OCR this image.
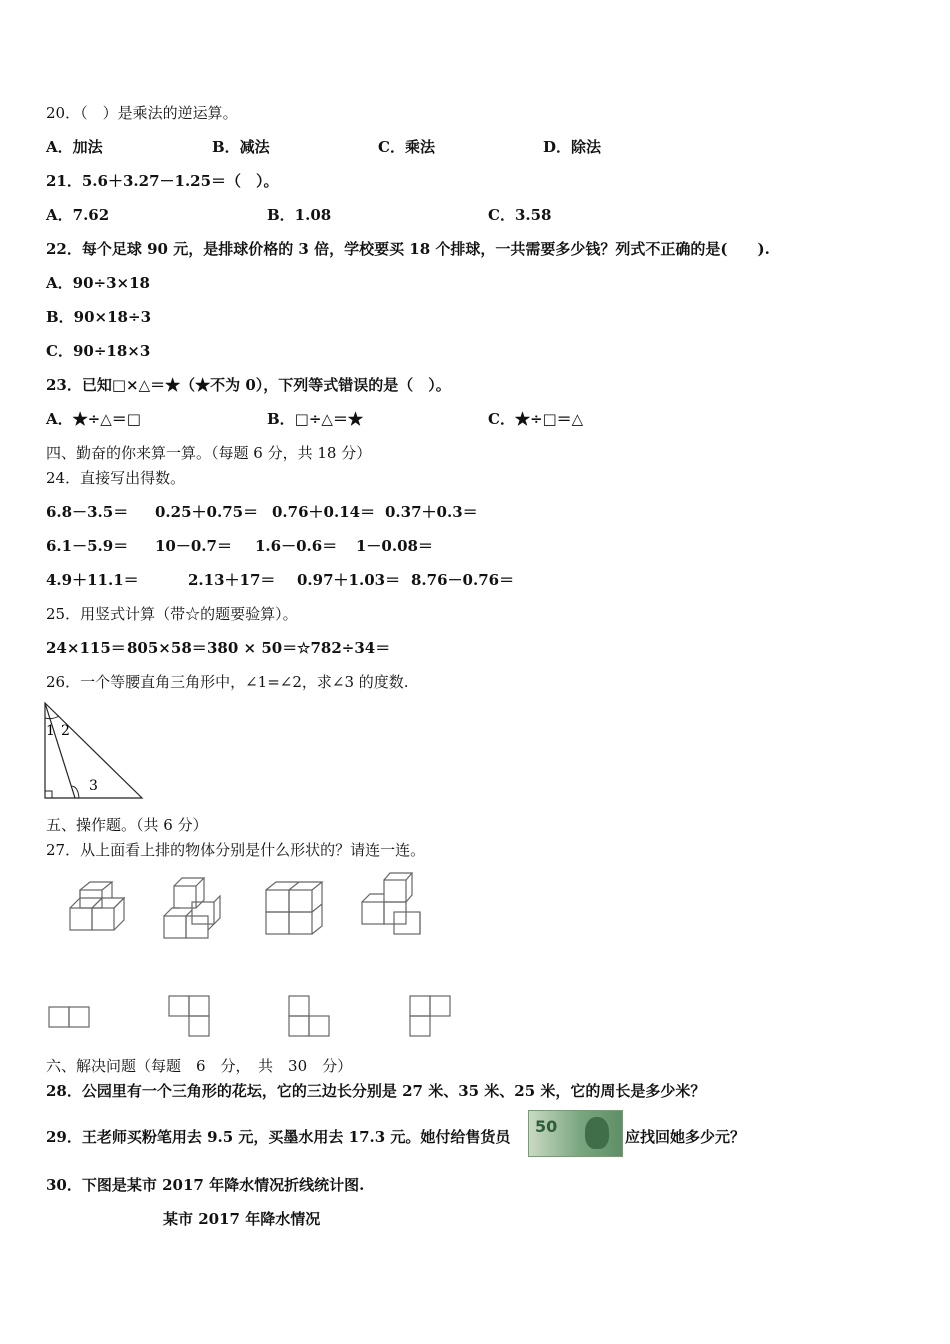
20．（　）是乘法的逆运算。
A．加法	B．减法	C．乘法	D．除法
21．5.6＋3.27－1.25＝（　）。
A．7.62	B．1.08	C．3.58
22．每个足球 90 元，是排球价格的 3 倍，学校要买 18 个排球，一共需要多少钱？列式不正确的是(　　).
A．90÷3×18
B．90×18÷3
C．90÷18×3
23．已知□×△＝★（★不为 0），下列等式错误的是（　）。
A．★÷△＝□	B．□÷△＝★	C．★÷□＝△
四、勤奋的你来算一算。（每题 6 分，共 18 分）
24．直接写出得数。
6.8－3.5＝ 0.25＋0.75＝ 0.76＋0.14＝ 0.37＋0.3＝
6.1－5.9＝ 10－0.7＝ 1.6－0.6＝ 1－0.08＝
4.9＋11.1＝	2.13＋17＝ 0.97＋1.03＝ 8.76－0.76＝
25．用竖式计算（带☆的题要验算）。
24×115＝ 805×58＝ 380 × 50＝ ☆782÷34＝
26．一个等腰直角三角形中，∠1=∠2，求∠3 的度数.
1 2
3
五、操作题。（共 6 分）
27．从上面看上排的物体分别是什么形状的？请连一连。
六、解决问题（每题　6　分，　共　30　分）
28．公园里有一个三角形的花坛，它的三边长分别是 27 米、35 米、25 米，它的周长是多少米？
29．王老师买粉笔用去 9.5 元，买墨水用去 17.3 元。她付给售货员
50
应找回她多少元？
30．下图是某市 2017 年降水情况折线统计图.
某市 2017 年降水情况
